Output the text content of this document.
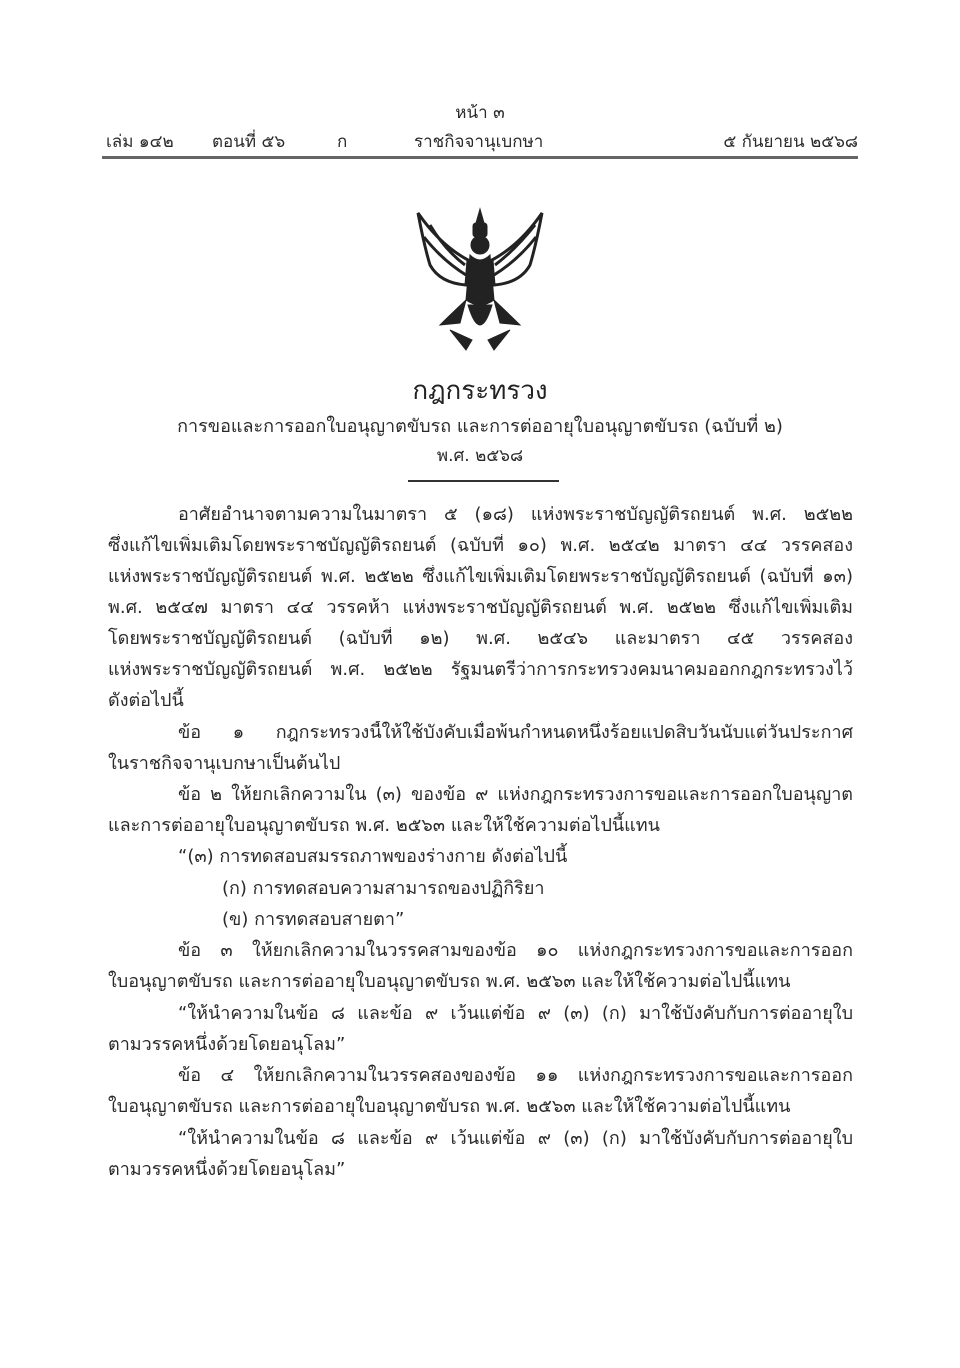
หน้า ๓
เล่ม ๑๔๒ ตอนที่ ๕๖	ก	ราชกิจจานุเบกษา	๕ กันยายน ๒๕๖๘
กฎกระทรวง
การขอและการออกใบอนุญาตขับรถ และการต่ออายุใบอนุญาตขับรถ (ฉบับที่ ๒)
พ.ศ. ๒๕๖๘
อาศัยอำนาจตามความในมาตรา ๕ (๑๘) แห่งพระราชบัญญัติรถยนต์ พ.ศ. ๒๕๒๒
ซึ่งแก้ไขเพิ่มเติมโดยพระราชบัญญัติรถยนต์ (ฉบับที่ ๑๐) พ.ศ. ๒๕๔๒ มาตรา ๔๔ วรรคสอง
แห่งพระราชบัญญัติรถยนต์ พ.ศ. ๒๕๒๒ ซึ่งแก้ไขเพิ่มเติมโดยพระราชบัญญัติรถยนต์ (ฉบับที่ ๑๓)
พ.ศ. ๒๕๔๗ มาตรา ๔๔ วรรคห้า แห่งพระราชบัญญัติรถยนต์ พ.ศ. ๒๕๒๒ ซึ่งแก้ไขเพิ่มเติม
โดยพระราชบัญญัติรถยนต์ (ฉบับที่ ๑๒) พ.ศ. ๒๕๔๖ และมาตรา ๔๕ วรรคสอง
แห่งพระราชบัญญัติรถยนต์ พ.ศ. ๒๕๒๒ รัฐมนตรีว่าการกระทรวงคมนาคมออกกฎกระทรวงไว้
ดังต่อไปนี้
ข้อ ๑ กฎกระทรวงนี้ให้ใช้บังคับเมื่อพ้นกำหนดหนึ่งร้อยแปดสิบวันนับแต่วันประกาศ
ในราชกิจจานุเบกษาเป็นต้นไป
ข้อ ๒ ให้ยกเลิกความใน (๓) ของข้อ ๙ แห่งกฎกระทรวงการขอและการออกใบอนุญาต
และการต่ออายุใบอนุญาตขับรถ พ.ศ. ๒๕๖๓ และให้ใช้ความต่อไปนี้แทน
“(๓) การทดสอบสมรรถภาพของร่างกาย ดังต่อไปนี้
(ก) การทดสอบความสามารถของปฏิกิริยา
(ข) การทดสอบสายตา”
ข้อ ๓ ให้ยกเลิกความในวรรคสามของข้อ ๑๐ แห่งกฎกระทรวงการขอและการออก
ใบอนุญาตขับรถ และการต่ออายุใบอนุญาตขับรถ พ.ศ. ๒๕๖๓ และให้ใช้ความต่อไปนี้แทน
“ให้นำความในข้อ ๘ และข้อ ๙ เว้นแต่ข้อ ๙ (๓) (ก) มาใช้บังคับกับการต่ออายุใบ
ตามวรรคหนึ่งด้วยโดยอนุโลม”
ข้อ ๔ ให้ยกเลิกความในวรรคสองของข้อ ๑๑ แห่งกฎกระทรวงการขอและการออก
ใบอนุญาตขับรถ และการต่ออายุใบอนุญาตขับรถ พ.ศ. ๒๕๖๓ และให้ใช้ความต่อไปนี้แทน
“ให้นำความในข้อ ๘ และข้อ ๙ เว้นแต่ข้อ ๙ (๓) (ก) มาใช้บังคับกับการต่ออายุใบ
ตามวรรคหนึ่งด้วยโดยอนุโลม”
